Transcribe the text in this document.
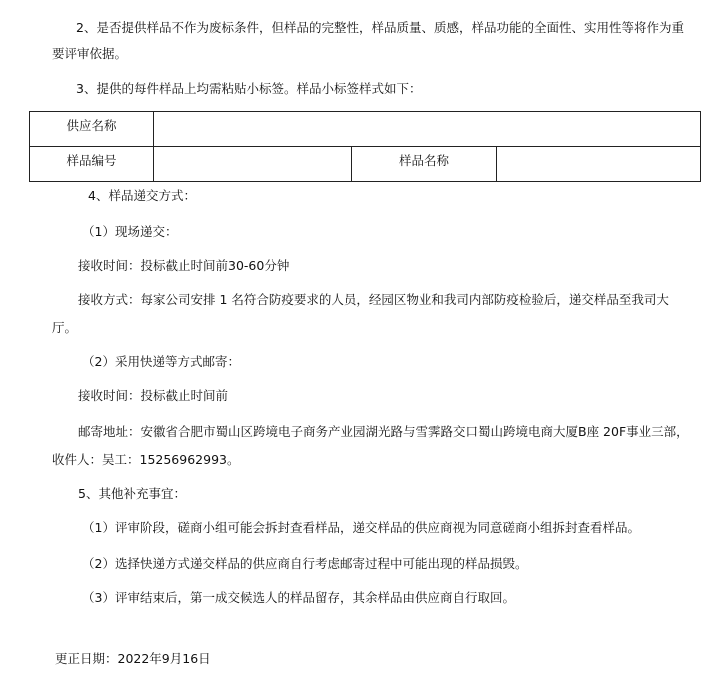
2、是否提供样品不作为废标条件，但样品的完整性，样品质量、质感，样品功能的全面性、实用性等将作为重
要评审依据。
3、提供的每件样品上均需粘贴小标签。样品小标签样式如下：
供应名称			

样品编号		样品名称	

4、样品递交方式：
（1）现场递交：
接收时间：投标截止时间前30-60分钟
接收方式：每家公司安排 1 名符合防疫要求的人员，经园区物业和我司内部防疫检验后，递交样品至我司大
厅。
（2）采用快递等方式邮寄：
接收时间：投标截止时间前
邮寄地址：安徽省合肥市蜀山区跨境电子商务产业园湖光路与雪霁路交口蜀山跨境电商大厦B座 20F事业三部，
收件人：吴工：15256962993。
5、其他补充事宜：
（1）评审阶段，磋商小组可能会拆封查看样品，递交样品的供应商视为同意磋商小组拆封查看样品。
（2）选择快递方式递交样品的供应商自行考虑邮寄过程中可能出现的样品损毁。
（3）评审结束后，第一成交候选人的样品留存，其余样品由供应商自行取回。
更正日期：2022年9月16日
